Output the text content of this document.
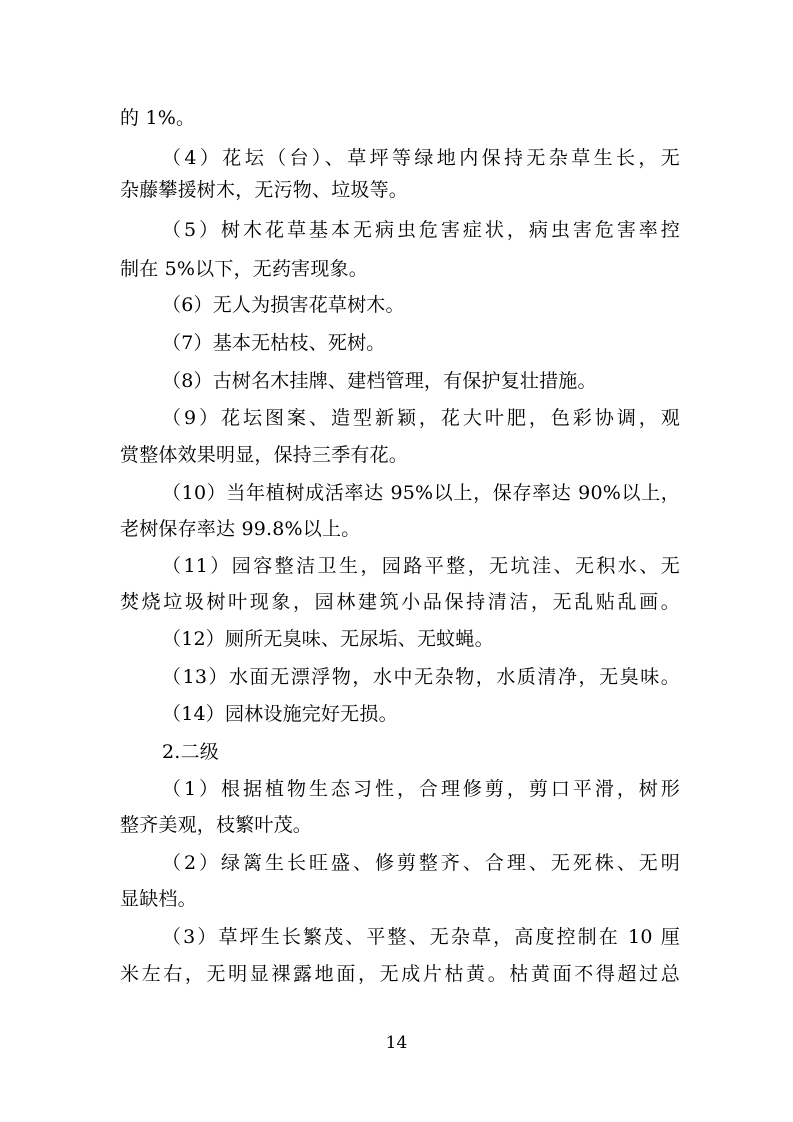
的 1%。
（4）花坛（台）、草坪等绿地内保持无杂草生长，无
杂藤攀援树木，无污物、垃圾等。
（5）树木花草基本无病虫危害症状，病虫害危害率控
制在 5%以下，无药害现象。
（6）无人为损害花草树木。
（7）基本无枯枝、死树。
（8）古树名木挂牌、建档管理，有保护复壮措施。
（9）花坛图案、造型新颖，花大叶肥，色彩协调，观
赏整体效果明显，保持三季有花。
（10）当年植树成活率达 95%以上，保存率达 90%以上，
老树保存率达 99.8%以上。
（11）园容整洁卫生，园路平整，无坑洼、无积水、无
焚烧垃圾树叶现象，园林建筑小品保持清洁，无乱贴乱画。
（12）厕所无臭味、无尿垢、无蚊蝇。
（13）水面无漂浮物，水中无杂物，水质清净，无臭味。
（14）园林设施完好无损。
2.二级
（1）根据植物生态习性，合理修剪，剪口平滑，树形
整齐美观，枝繁叶茂。
（2）绿篱生长旺盛、修剪整齐、合理、无死株、无明
显缺档。
（3）草坪生长繁茂、平整、无杂草，高度控制在 10 厘
米左右，无明显裸露地面，无成片枯黄。枯黄面不得超过总
14
